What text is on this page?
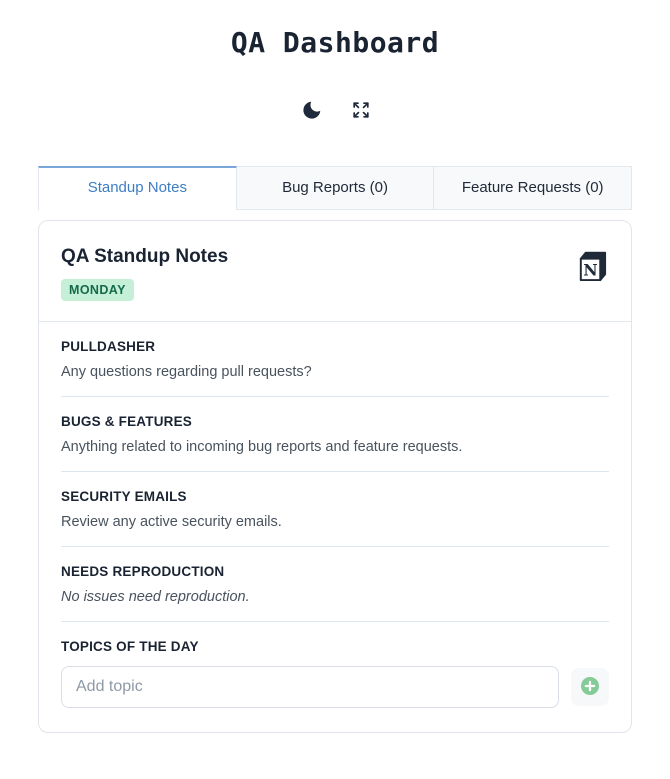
QA Dashboard
Standup Notes	Bug Reports (0)	Feature Requests (0)
QA Standup Notes
MONDAY
N
PULLDASHER
Any questions regarding pull requests?
BUGS & FEATURES
Anything related to incoming bug reports and feature requests.
SECURITY EMAILS
Review any active security emails.
NEEDS REPRODUCTION
No issues need reproduction.
TOPICS OF THE DAY
Add topic
